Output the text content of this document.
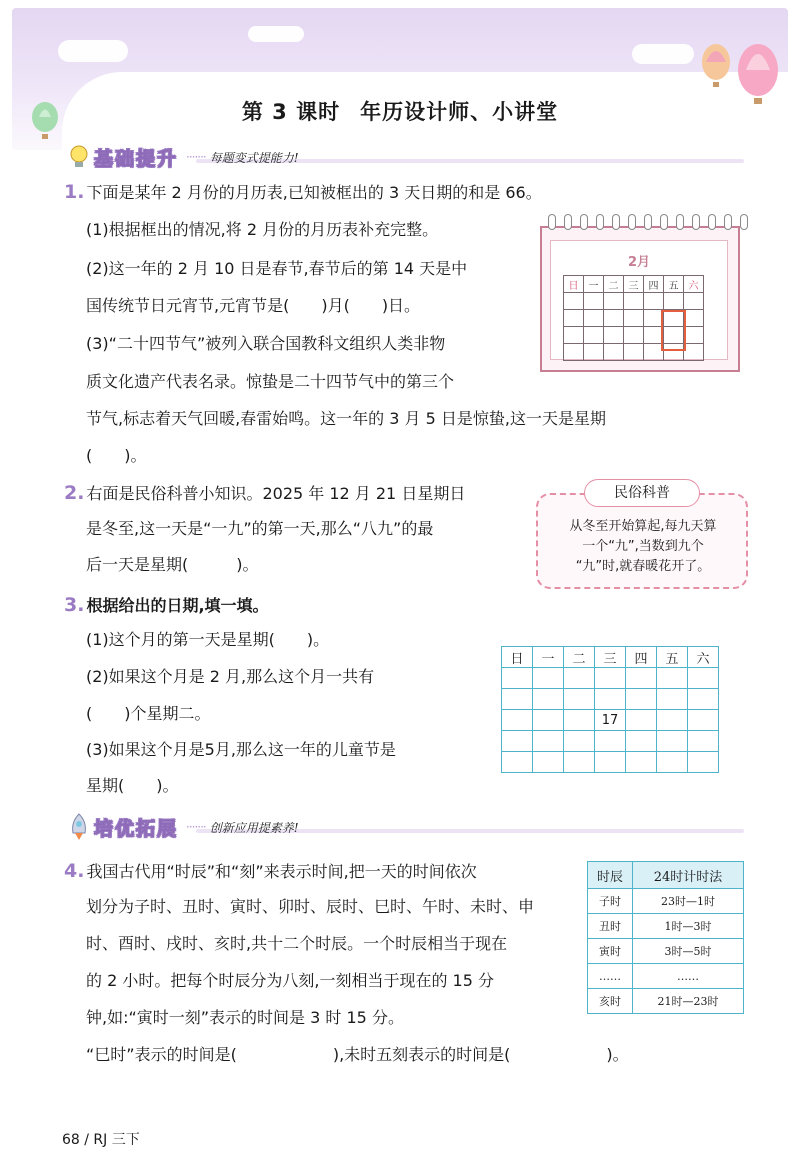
第 3 课时 年历设计师、小讲堂
基础提升 ······· 每题变式提能力!
1. 下面是某年 2 月份的月历表,已知被框出的 3 天日期的和是 66。
(1)根据框出的情况,将 2 月份的月历表补充完整。
(2)这一年的 2 月 10 日是春节,春节后的第 14 天是中
国传统节日元宵节,元宵节是(　　)月(　　)日。
(3)“二十四节气”被列入联合国教科文组织人类非物
质文化遗产代表名录。惊蛰是二十四节气中的第三个
节气,标志着天气回暖,春雷始鸣。这一年的 3 月 5 日是惊蛰,这一天是星期
(　　)。
2月
日	一	二	三	四	五	六

2. 右面是民俗科普小知识。2025 年 12 月 21 日星期日
是冬至,这一天是“一九”的第一天,那么“八九”的最
后一天是星期(　　　)。
民俗科普
从冬至开始算起,每九天算
一个“九”,当数到九个
“九”时,就春暖花开了。
3. 根据给出的日期,填一填。
(1)这个月的第一天是星期(　　)。
(2)如果这个月是 2 月,那么这个月一共有
(　　)个星期二。
(3)如果这个月是5月,那么这一年的儿童节是
星期(　　)。
日	一	二	三	四	五	六

			17			

培优拓展 ······· 创新应用提素养!
4. 我国古代用“时辰”和“刻”来表示时间,把一天的时间依次
划分为子时、丑时、寅时、卯时、辰时、巳时、午时、未时、申
时、酉时、戌时、亥时,共十二个时辰。一个时辰相当于现在
的 2 小时。把每个时辰分为八刻,一刻相当于现在的 15 分
钟,如:“寅时一刻”表示的时间是 3 时 15 分。
“巳时”表示的时间是(　　　　　　),未时五刻表示的时间是(　　　　　　)。
时辰	24时计时法
子时	23时—1时
丑时	1时—3时
寅时	3时—5时
……	……
亥时	21时—23时
68 / RJ 三下
